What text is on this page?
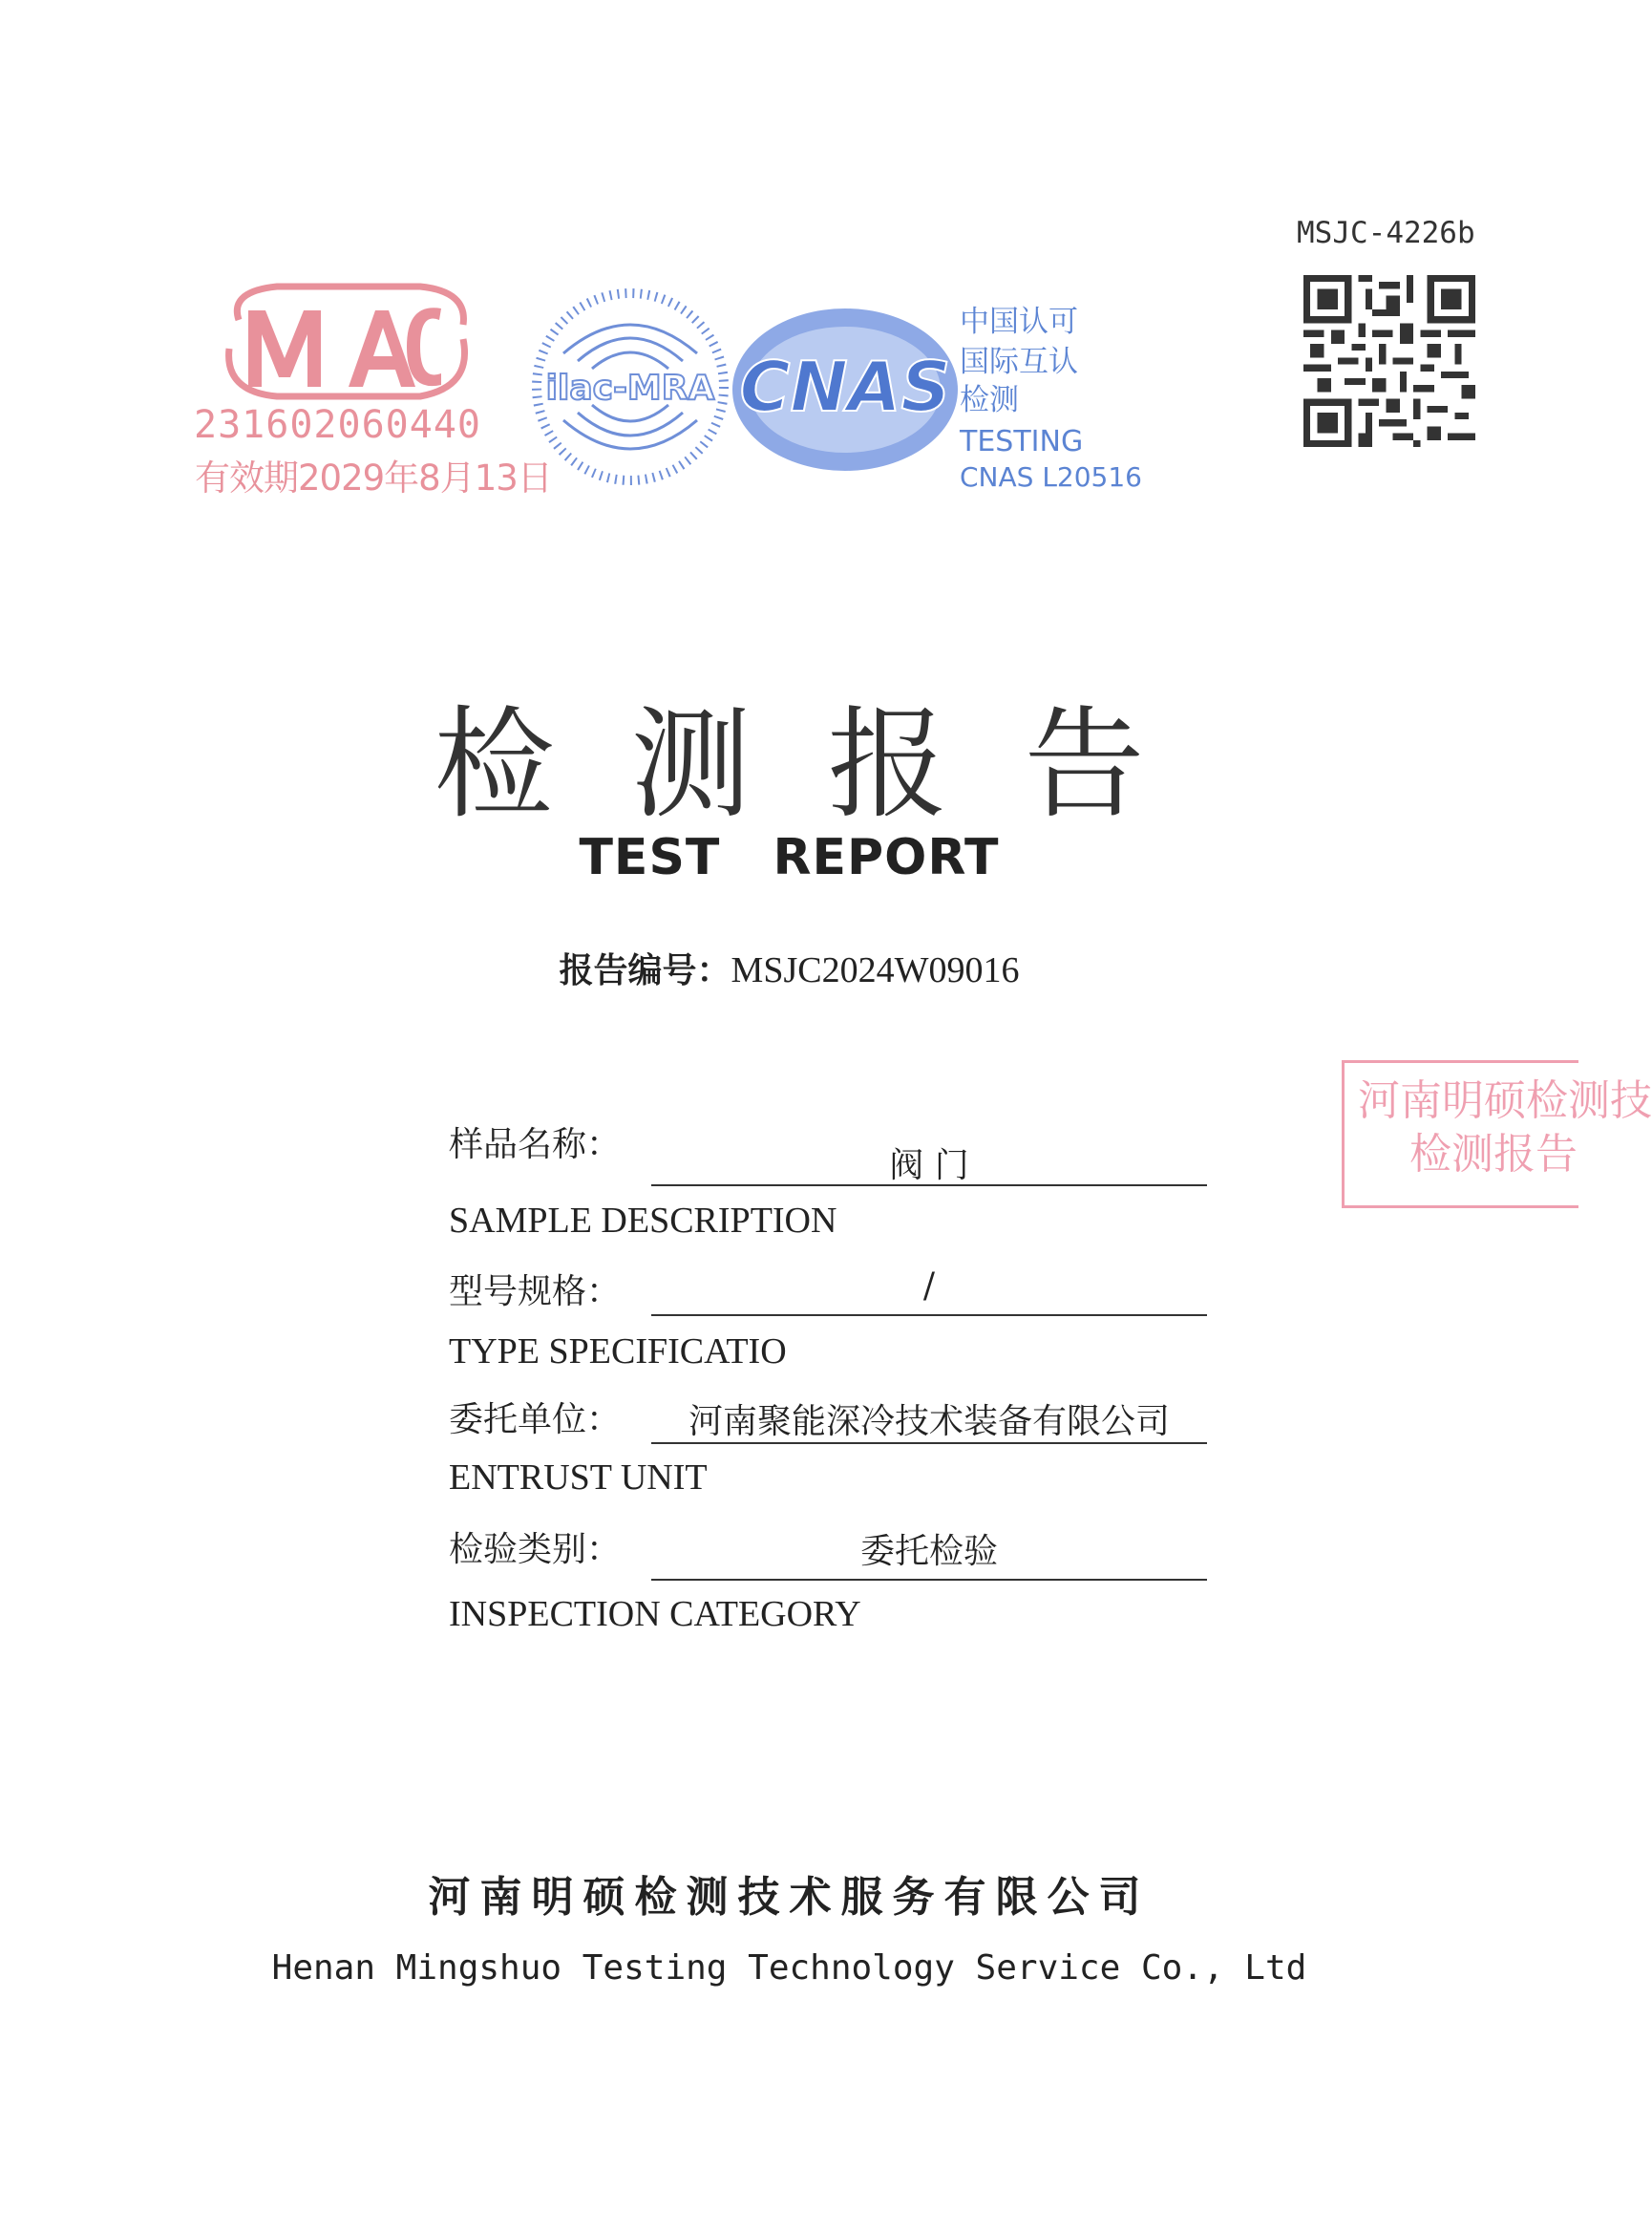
MSJC-4226b
231602060440
有效期2029年8月13日
ilac-MRA CNAS
中国认可
国际互认
检测
TESTING
CNAS L20516
检测报告
TEST REPORT
报告编号：MSJC2024W09016
河南明硕检测技
检测报告
样品名称：
阀 门
SAMPLE DESCRIPTION
型号规格：	/
TYPE SPECIFICATIO
委托单位：	河南聚能深冷技术装备有限公司
ENTRUST UNIT
检验类别：	委托检验
INSPECTION CATEGORY
河南明硕检测技术服务有限公司
Henan Mingshuo Testing Technology Service Co., Ltd
